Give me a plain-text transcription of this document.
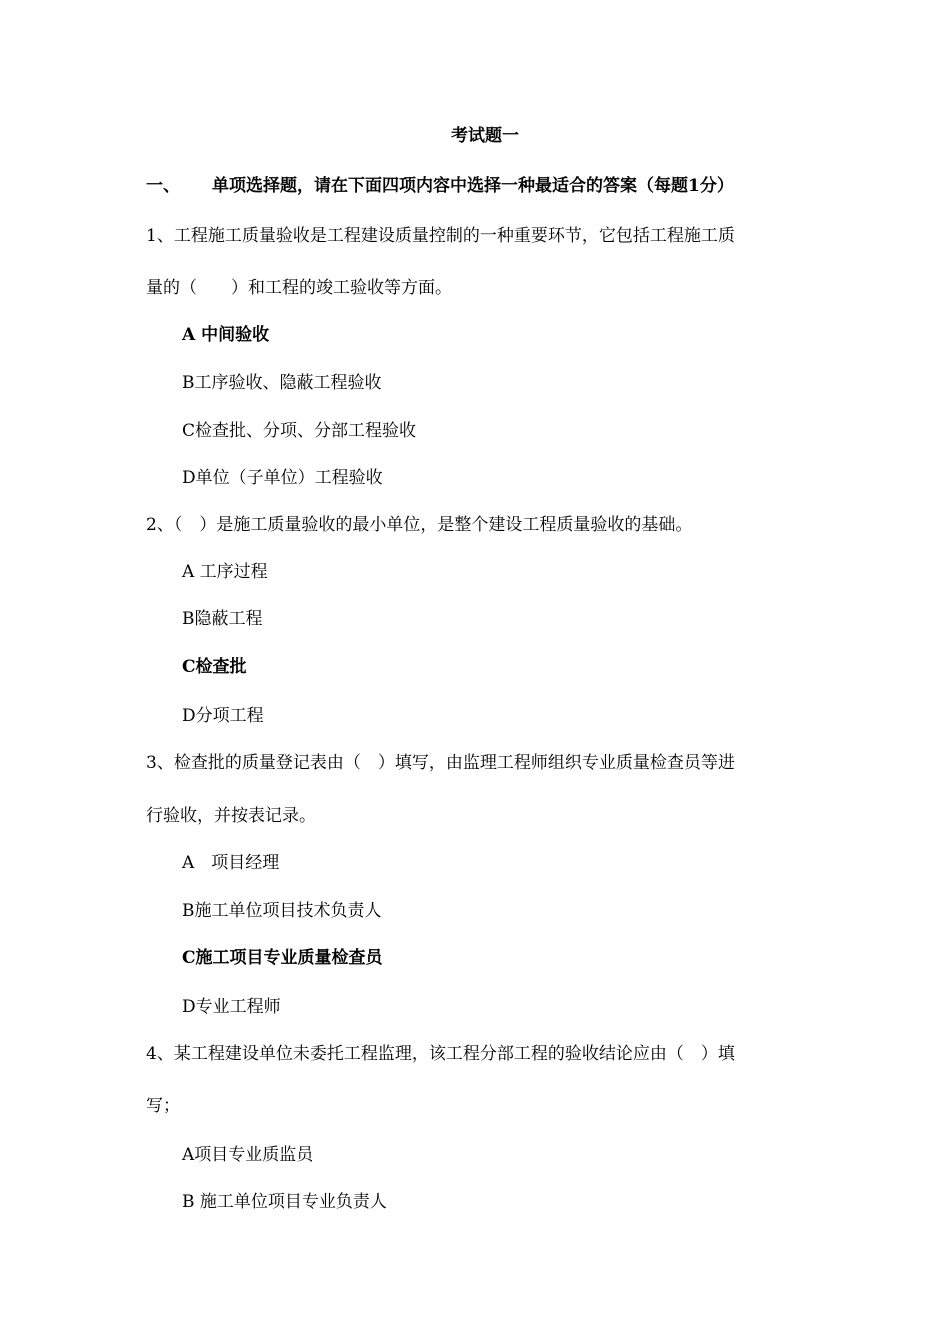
考试题一
一、 单项选择题，请在下面四项内容中选择一种最适合的答案（每题1分）
1、工程施工质量验收是工程建设质量控制的一种重要环节，它包括工程施工质
量的（　　）和工程的竣工验收等方面。
A 中间验收
B工序验收、隐蔽工程验收
C检查批、分项、分部工程验收
D单位（子单位）工程验收
2、（　）是施工质量验收的最小单位，是整个建设工程质量验收的基础。
A 工序过程
B隐蔽工程
C检查批
D分项工程
3、检查批的质量登记表由（　）填写，由监理工程师组织专业质量检查员等进
行验收，并按表记录。
A　项目经理
B施工单位项目技术负责人
C施工项目专业质量检查员
D专业工程师
4、某工程建设单位未委托工程监理，该工程分部工程的验收结论应由（　）填
写；
A项目专业质监员
B 施工单位项目专业负责人
